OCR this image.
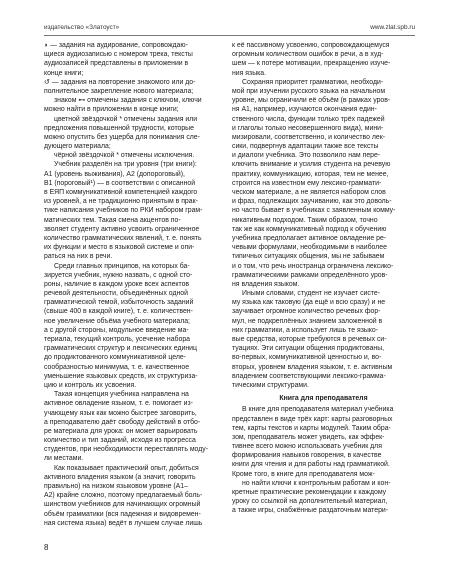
издательство «Златоуст»	www.zlat.spb.ru

◗ — задания на аудирование, сопровождаю-

щиеся аудиозаписью с номером трека, тексты

аудиозаписей представлены в приложении в

конце книги;

↺ — задания на повторение знакомого или до-

полнительное закрепление нового материала;

знаком ⊷ отмечены задания с ключом, ключи

можно найти в приложении в конце книги;

цветной звёздочкой * отмечены задания или

предложения повышенной трудности, которые

можно опустить без ущерба для понимания сле-

дующего материала;

чёрной звёздочкой * отмечены исключения.

Учебник разделён на три уровня (три книги):

А1 (уровень выживания), А2 (допороговый),

В1 (пороговый¹) — в соответствии с описанной

в ЕЯП коммуникативной компетенцией каждого

из уровней, а не традиционно принятым в прак-

тике написания учебников по РКИ набором грам-

матических тем. Такая смена акцентов по-

зволяет студенту активно усвоить ограниченное

количество грамматических явлений, т. е. понять

их функции и место в языковой системе и опи-

раться на них в речи.

Среди главных принципов, на которых ба-

зируется учебник, нужно назвать, с одной сто-

роны, наличие в каждом уроке всех аспектов

речевой деятельности, объединённых одной

грамматической темой, избыточность заданий

(свыше 400 в каждой книге), т. е. количествен-

ное увеличение объёма учебного материала;

а с другой стороны, модульное введение ма-

териала, текущий контроль, усечение набора

грамматических структур и лексических единиц

до продиктованного коммуникативной целе-

сообразностью минимума, т. е. качественное

уменьшение языковых средств, их структуриза-

цию и контроль их усвоения.

Такая концепция учебника направлена на

активное овладение языком, т. е. помогает из-

учающему язык как можно быстрее заговорить,

а преподавателю даёт свободу действий в отбо-

ре материала для урока: он может варьировать

количество и тип заданий, исходя из прогресса

студентов, при необходимости переставлять моду-

ли местами.

Как показывает практический опыт, добиться

активного владения языком (а значит, говорить

правильно) на низком языковом уровне (А1–

А2) крайне сложно, поэтому предлагаемый боль-

шинством учебников для начинающих огромный

объём грамматики (вся падежная и видовремен-

ная система языка) ведёт в лучшем случае лишь

к её пассивному усвоению, сопровождающемуся

огромным количеством ошибок в речи, а в худ-

шем — к потере мотивации, прекращению изуче-

ния языка.

Сохраняя приоритет грамматики, необходи-

мой при изучении русского языка на начальном

уровне, мы ограничили её объём (в рамках уров-

ня А1, например, изучаются окончания един-

ственного числа, функции только трёх падежей

и глаголы только несовершенного вида), мини-

мизировали, соответственно, и количество лек-

сики, подвергнув адаптации также все тексты

и диалоги учебника. Это позволило нам пере-

ключить внимание и усилия студента на речевую

практику, коммуникацию, которая, тем не менее,

строится на известном ему лексико-граммати-

ческом материале, а не является набором слов

и фраз, подлежащих заучиванию, как это доволь-

но часто бывает в учебниках с заявленным комму-

никативным подходом. Таким образом, точно

так же как коммуникативный подход к обучению

учебника предполагает активное овладение ре-

чевыми формулами, необходимыми в наиболее

типичных ситуациях общения, мы не забываем

и о том, что речь иностранца ограничена лексико-

грамматическими рамками определённого уров-

ня владения языком.

Иными словами, студент не изучает систе-

му языка как таковую (да ещё и всю сразу) и не

заучивает огромное количество речевых фор-

мул, не подкреплённых знанием заложенной в

них грамматики, а использует лишь те языко-

вые средства, которые требуются в речевых си-

туациях. Эти ситуации общения продиктованы,

во-первых, коммуникативной ценностью и, во-

вторых, уровнем владения языком, т. е. активным

владением соответствующими лексико-грамма-

тическими структурами.

Книга для преподавателя

В книге для преподавателя материал учебника

представлен в виде трёх карт: карты разговорных

тем, карты текстов и карты модулей. Таким обра-

зом, преподаватель может увидеть, как эффек-

тивнее всего можно использовать учебник для

формирования навыков говорения, в качестве

книги для чтения и для работы над грамматикой.

Кроме того, в книге для преподавателя мож-

но найти ключи к контрольным работам и кон-

кретные практические рекомендации к каждому

уроку со ссылкой на дополнительный материал,

а также игры, снабжённые раздаточным матери-

8
